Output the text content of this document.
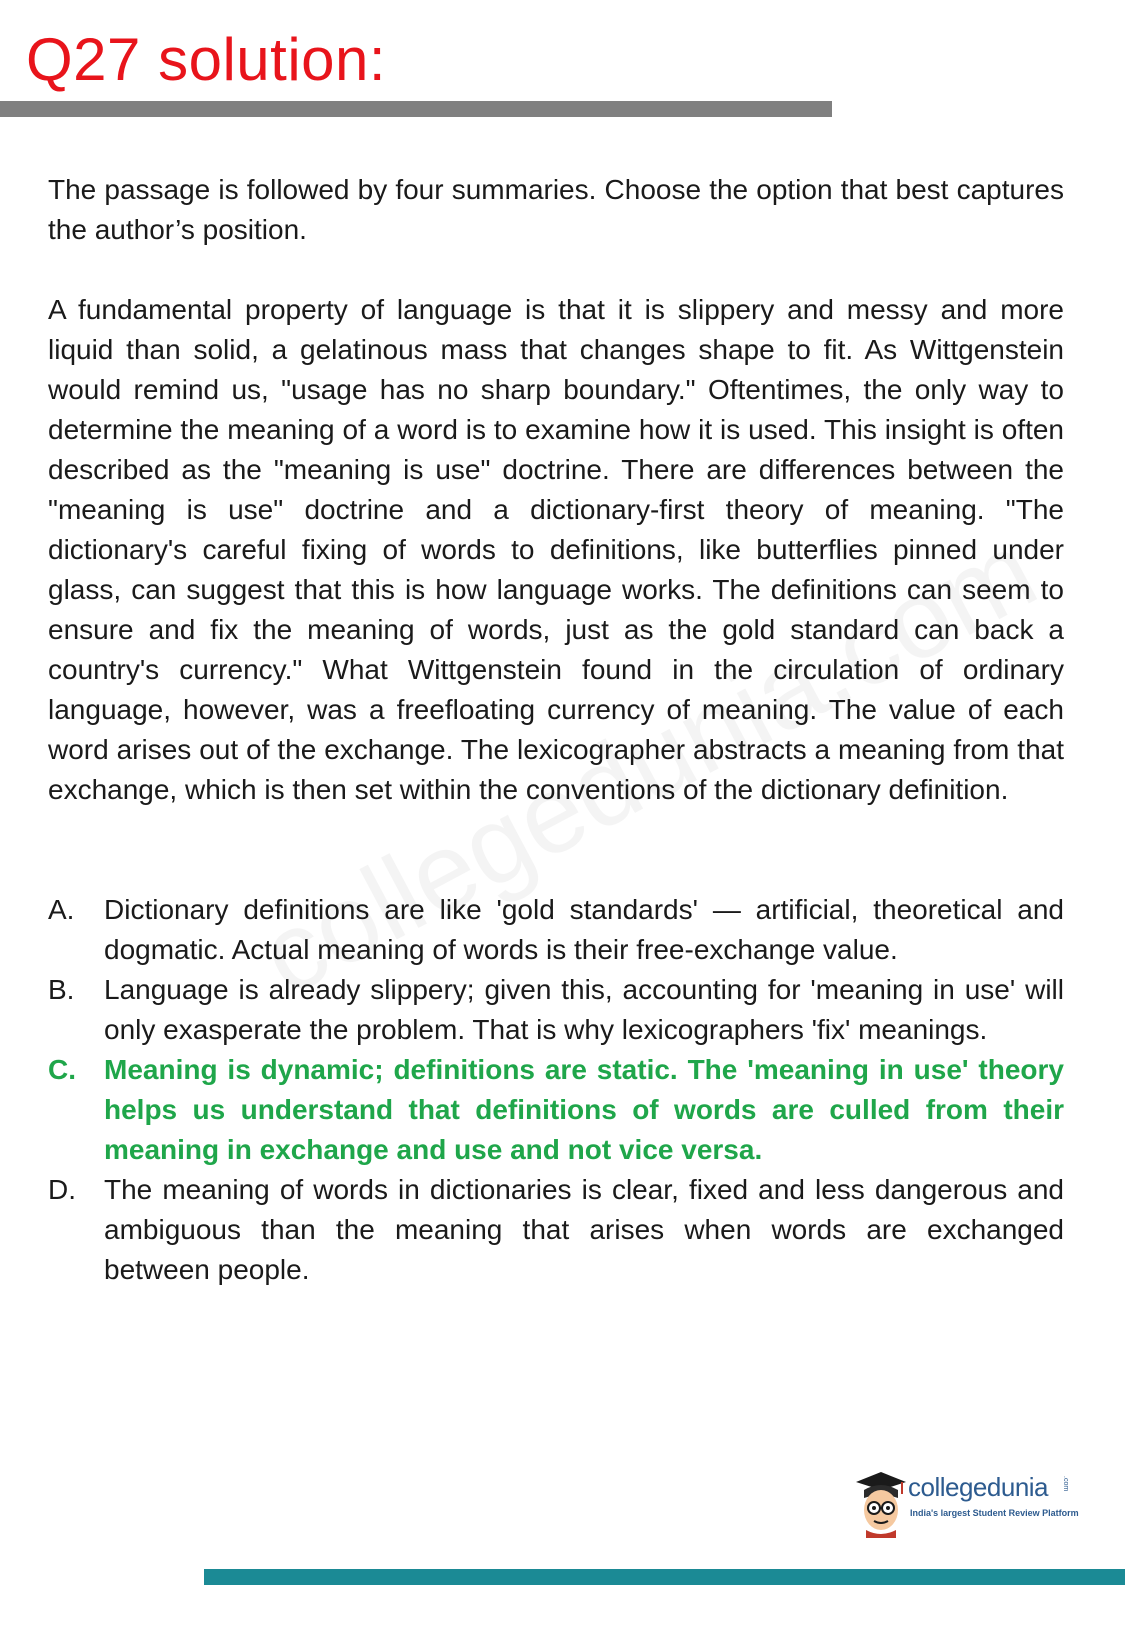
Q27 solution:

The passage is followed by four summaries. Choose the option that best captures the author’s position.

A fundamental property of language is that it is slippery and messy and more liquid than solid, a gelatinous mass that changes shape to fit. As Wittgenstein would remind us, "usage has no sharp boundary." Oftentimes, the only way to determine the meaning of a word is to examine how it is used. This insight is often described as the "meaning is use" doctrine. There are differences between the "meaning is use" doctrine and a dictionary-first theory of meaning. "The dictionary's careful fixing of words to definitions, like butterflies pinned under glass, can suggest that this is how language works. The definitions can seem to ensure and fix the meaning of words, just as the gold standard can back a country's currency." What Wittgenstein found in the circulation of ordinary language, however, was a freefloating currency of meaning. The value of each word arises out of the exchange. The lexicographer abstracts a meaning from that exchange, which is then set within the conventions of the dictionary definition.

A.	Dictionary definitions are like 'gold standards' — artificial, theoretical and dogmatic. Actual meaning of words is their free-exchange value.
B.	Language is already slippery; given this, accounting for 'meaning in use' will only exasperate the problem. That is why lexicographers 'fix' meanings.
C.	Meaning is dynamic; definitions are static. The 'meaning in use' theory helps us understand that definitions of words are culled from their meaning in exchange and use and not vice versa.
D.	The meaning of words in dictionaries is clear, fixed and less dangerous and ambiguous than the meaning that arises when words are exchanged between people.
collegedunia .com
India's largest Student Review Platform
